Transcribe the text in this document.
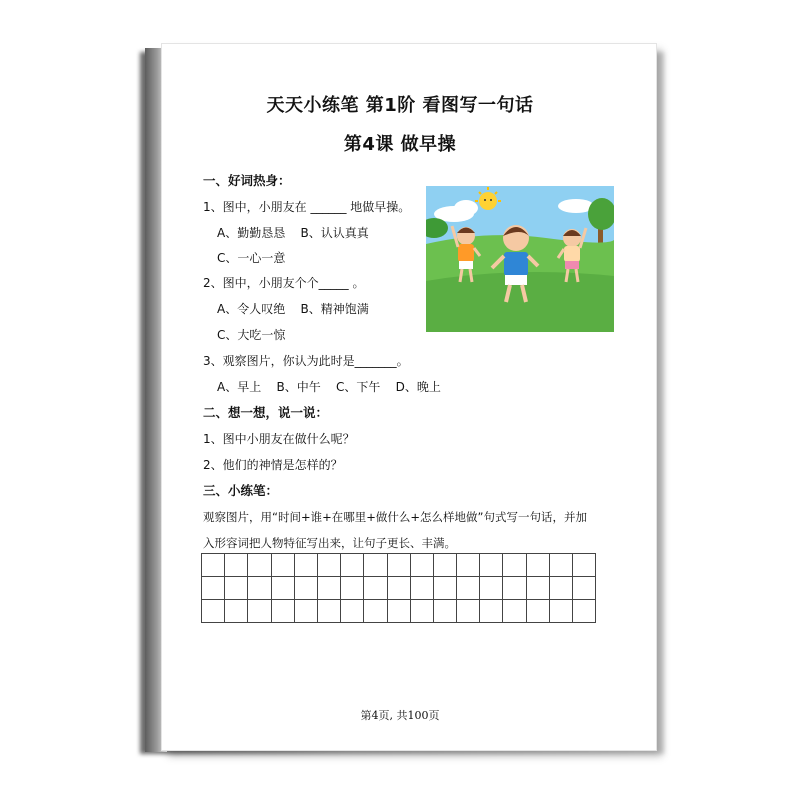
天天小练笔 第1阶 看图写一句话
第4课 做早操
一、好词热身：
1、图中，小朋友在 ______ 地做早操。
A、勤勤恳恳    B、认认真真
C、一心一意
2、图中，小朋友个个_____ 。
A、令人叹绝    B、精神饱满
C、大吃一惊
3、观察图片，你认为此时是_______。
A、早上    B、中午    C、下午    D、晚上
二、想一想，说一说：
1、图中小朋友在做什么呢？
2、他们的神情是怎样的？
三、小练笔：
观察图片，用“时间+谁+在哪里+做什么+怎么样地做”句式写一句话，并加
入形容词把人物特征写出来，让句子更长、丰满。

第4页, 共100页
